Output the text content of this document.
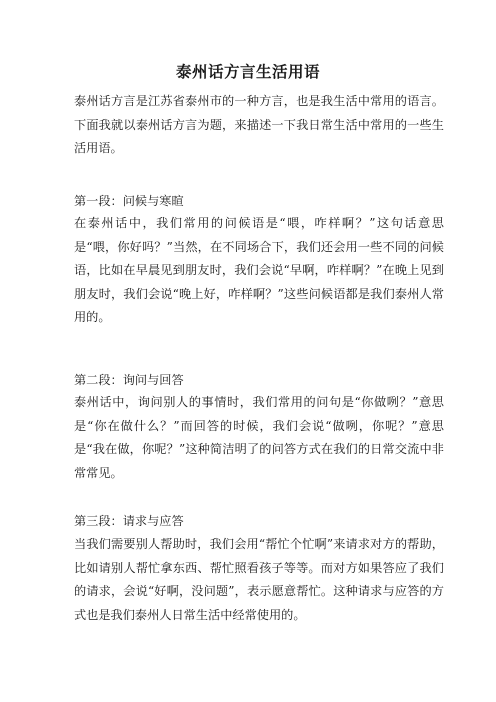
泰州话方言生活用语

泰州话方言是江苏省泰州市的一种方言，也是我生活中常用的语言。下面我就以泰州话方言为题，来描述一下我日常生活中常用的一些生活用语。

第一段：问候与寒暄

在泰州话中，我们常用的问候语是“喂，咋样啊？”这句话意思是“喂，你好吗？”当然，在不同场合下，我们还会用一些不同的问候语，比如在早晨见到朋友时，我们会说“早啊，咋样啊？”在晚上见到朋友时，我们会说“晚上好，咋样啊？”这些问候语都是我们泰州人常用的。

第二段：询问与回答

泰州话中，询问别人的事情时，我们常用的问句是“你做咧？”意思是“你在做什么？”而回答的时候，我们会说“做咧，你呢？”意思是“我在做，你呢？”这种简洁明了的问答方式在我们的日常交流中非常常见。

第三段：请求与应答

当我们需要别人帮助时，我们会用“帮忙个忙啊”来请求对方的帮助，比如请别人帮忙拿东西、帮忙照看孩子等等。而对方如果答应了我们的请求，会说“好啊，没问题”，表示愿意帮忙。这种请求与应答的方式也是我们泰州人日常生活中经常使用的。
